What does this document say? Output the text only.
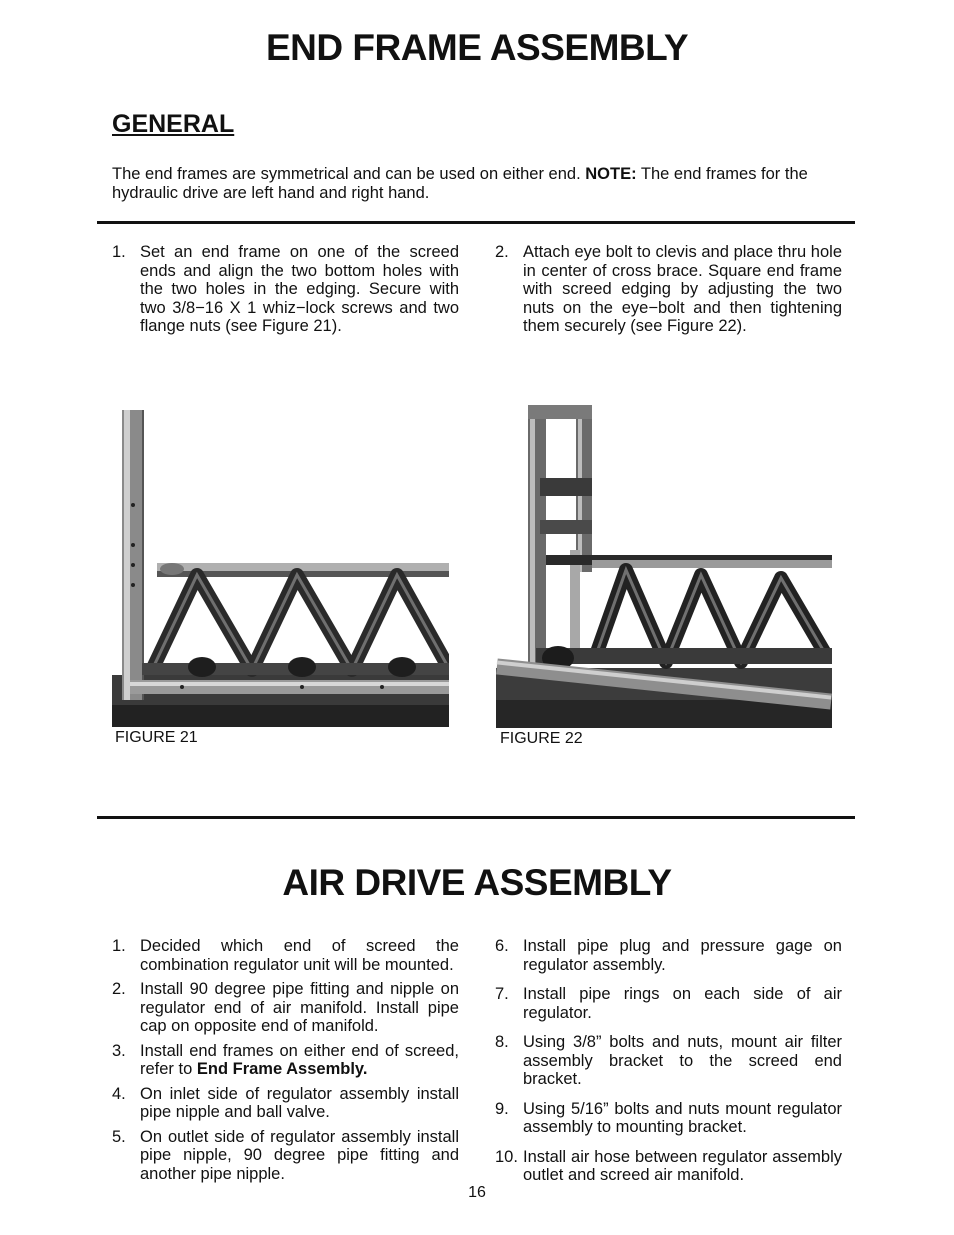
END FRAME ASSEMBLY
GENERAL

The end frames are symmetrical and can be used on either end. NOTE: The end frames for the hydraulic drive are left hand and right hand.

1. Set an end frame on one of the screed ends and align the two bottom holes with the two holes in the edging. Secure with two 3/8−16 X 1 whiz−lock screws and two flange nuts (see Figure 21).
2. Attach eye bolt to clevis and place thru hole in center of cross brace. Square end frame with screed edging by adjusting the two nuts on the eye−bolt and then tightening them securely (see Figure 22).
FIGURE 21	FIGURE 22
AIR DRIVE ASSEMBLY
1. Decided which end of screed the combination regulator unit will be mounted.
2. Install 90 degree pipe fitting and nipple on regulator end of air manifold. Install pipe cap on opposite end of manifold.
3. Install end frames on either end of screed, refer to End Frame Assembly.
4. On inlet side of regulator assembly install pipe nipple and ball valve.
5. On outlet side of regulator assembly install pipe nipple, 90 degree pipe fitting and another pipe nipple.
6. Install pipe plug and pressure gage on regulator assembly.
7. Install pipe rings on each side of air regulator.
8. Using 3/8” bolts and nuts, mount air filter assembly bracket to the screed end bracket.
9. Using 5/16” bolts and nuts mount regulator assembly to mounting bracket.
10. Install air hose between regulator assembly outlet and screed air manifold.
16
